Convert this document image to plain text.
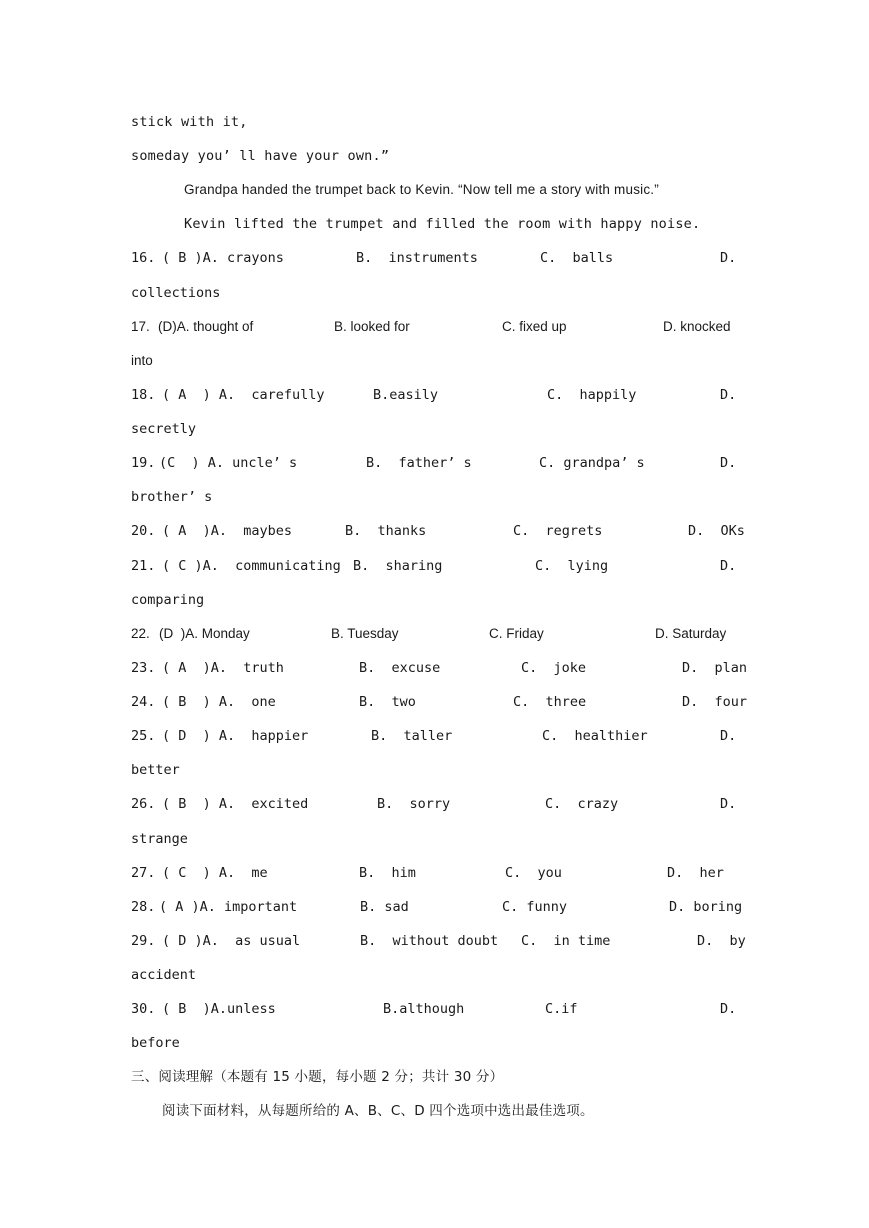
stick with it,
someday you’ ll have your own.”
Grandpa handed the trumpet back to Kevin. “Now tell me a story with music.”
Kevin lifted the trumpet and filled the room with happy noise.
16. ( B )A. crayons	B.  instruments	C.  balls	D.
collections
17. (D)A. thought of	B. looked for	C. fixed up	D. knocked
into
18. ( A  ) A.  carefully	B.easily	C.  happily	D.
secretly
19. (C  ) A. uncle’ s	B.  father’ s	C. grandpa’ s	D.
brother’ s
20. ( A  )A.  maybes	B.  thanks	C.  regrets	D.  OKs
21. ( C )A.  communicating B.  sharing	C.  lying	D.
comparing
22. (D  )A. Monday	B. Tuesday	C. Friday	D. Saturday
23. ( A  )A.  truth	B.  excuse	C.  joke	D.  plan
24. ( B  ) A.  one	B.  two	C.  three	D.  four
25. ( D  ) A.  happier	B.  taller	C.  healthier	D.
better
26. ( B  ) A.  excited	B.  sorry	C.  crazy	D.
strange
27. ( C  ) A.  me	B.  him	C.  you	D.  her
28. ( A )A. important	B. sad	C. funny	D. boring
29. ( D )A.  as usual	B.  without doubt C.  in time	D.  by
accident
30. ( B  )A.unless	B.although	C.if	D.
before
三、阅读理解（本题有 15 小题，每小题 2 分；共计 30 分）
阅读下面材料，从每题所给的 A、B、C、D 四个选项中选出最佳选项。
